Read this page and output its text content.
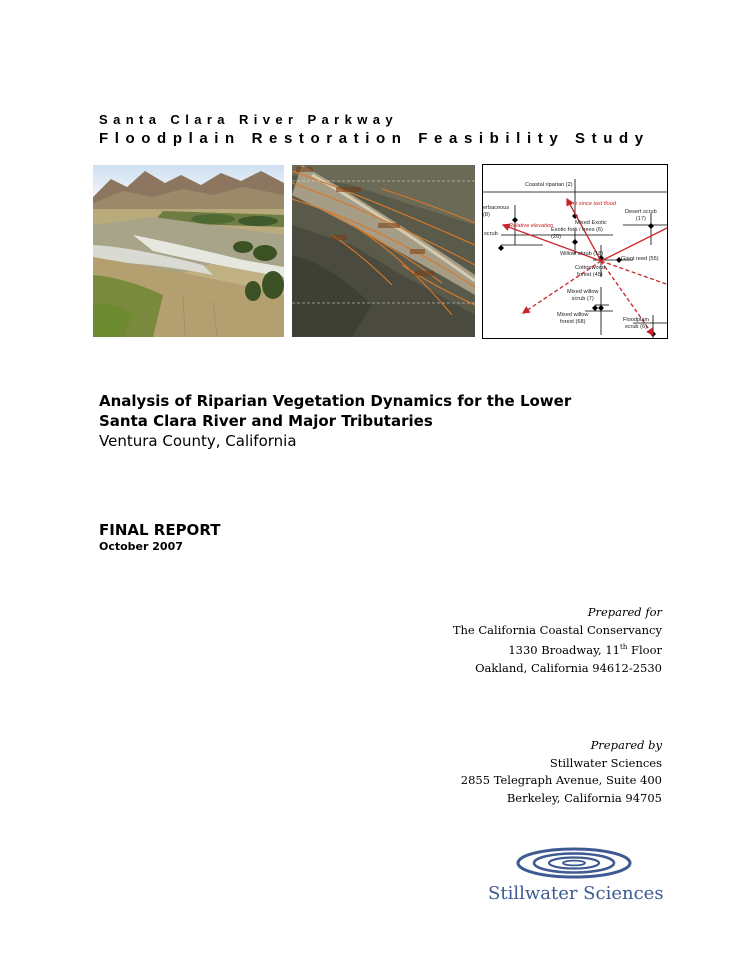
Santa Clara River Parkway
Floodplain Restoration Feasibility Study

Coastal riparian (2)
Time since last flood
erbaceous
(8)	Desert scrub
(17)
Mixed Exotic
Exotic forb / trees (6)
(20)
Relative elevation
scrub
Willow shrub (18)
Giant reed (55)
Cottonwood
forest (45)
Mixed willow
scrub (7)
Mixed willow
forest (68)	Floodplain
scrub (6)
Analysis of Riparian Vegetation Dynamics for the Lower
Santa Clara River and Major Tributaries
Ventura County, California
FINAL REPORT
October 2007
Prepared for
The California Coastal Conservancy
1330 Broadway, 11th Floor
Oakland, California 94612-2530
Prepared by
Stillwater Sciences
2855 Telegraph Avenue, Suite 400
Berkeley, California 94705
Stillwater Sciences
